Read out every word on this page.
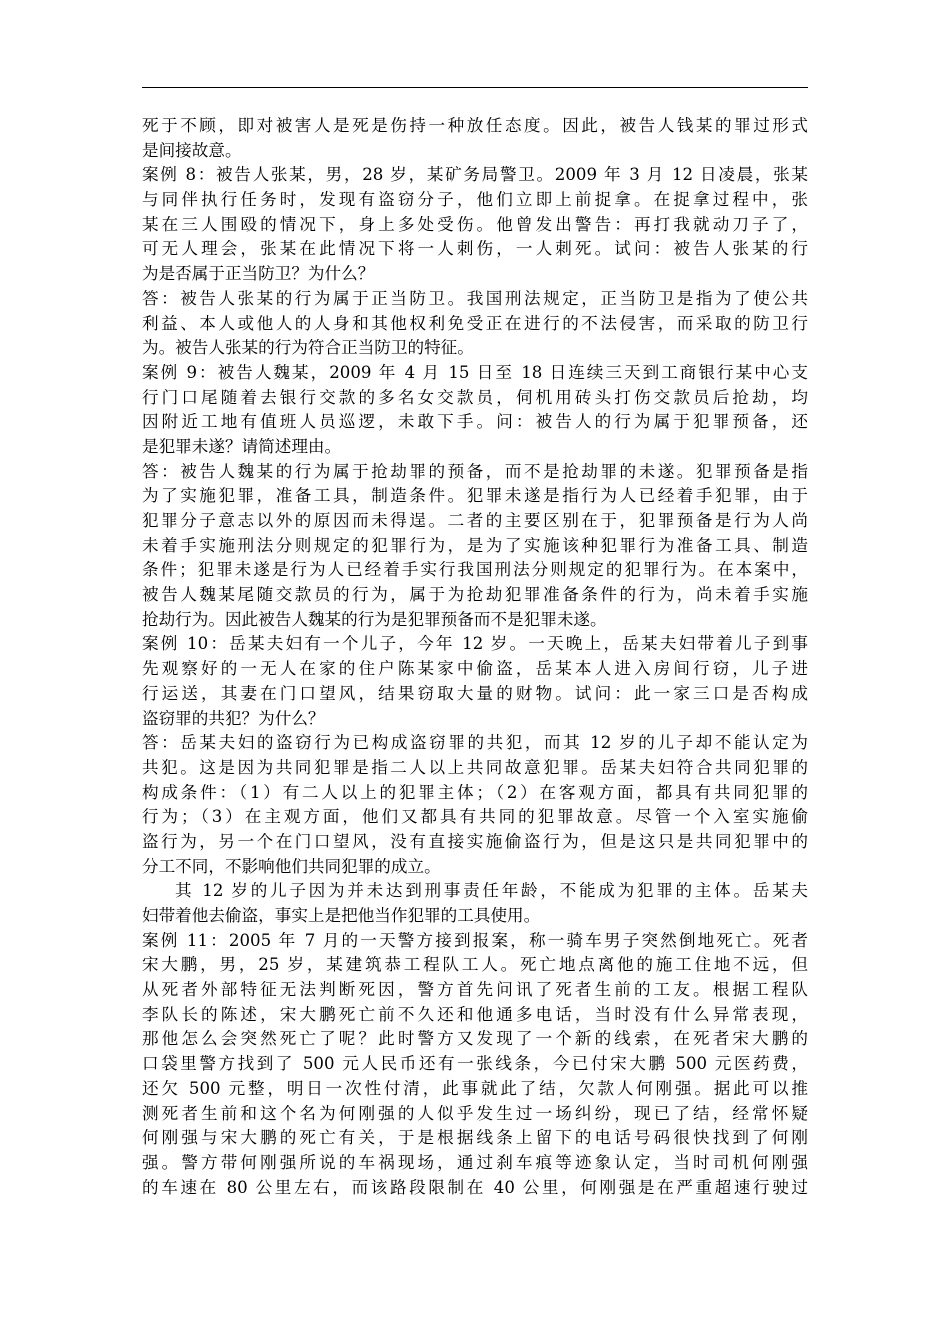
死于不顾，即对被害人是死是伤持一种放任态度。因此，被告人钱某的罪过形式
是间接故意。
案例 8：被告人张某，男，28 岁，某矿务局警卫。2009 年 3 月 12 日凌晨，张某
与同伴执行任务时，发现有盗窃分子，他们立即上前捉拿。在捉拿过程中，张
某在三人围殴的情况下，身上多处受伤。他曾发出警告：再打我就动刀子了，
可无人理会，张某在此情况下将一人刺伤，一人刺死。试问：被告人张某的行
为是否属于正当防卫？为什么？
答：被告人张某的行为属于正当防卫。我国刑法规定，正当防卫是指为了使公共
利益、本人或他人的人身和其他权利免受正在进行的不法侵害，而采取的防卫行
为。被告人张某的行为符合正当防卫的特征。
案例 9：被告人魏某，2009 年 4 月 15 日至 18 日连续三天到工商银行某中心支
行门口尾随着去银行交款的多名女交款员，伺机用砖头打伤交款员后抢劫，均
因附近工地有值班人员巡逻，未敢下手。问：被告人的行为属于犯罪预备，还
是犯罪未遂？请简述理由。
答：被告人魏某的行为属于抢劫罪的预备，而不是抢劫罪的未遂。犯罪预备是指
为了实施犯罪，准备工具，制造条件。犯罪未遂是指行为人已经着手犯罪，由于
犯罪分子意志以外的原因而未得逞。二者的主要区别在于，犯罪预备是行为人尚
未着手实施刑法分则规定的犯罪行为，是为了实施该种犯罪行为准备工具、制造
条件；犯罪未遂是行为人已经着手实行我国刑法分则规定的犯罪行为。在本案中，
被告人魏某尾随交款员的行为，属于为抢劫犯罪准备条件的行为，尚未着手实施
抢劫行为。因此被告人魏某的行为是犯罪预备而不是犯罪未遂。
案例 10：岳某夫妇有一个儿子，今年 12 岁。一天晚上，岳某夫妇带着儿子到事
先观察好的一无人在家的住户陈某家中偷盗，岳某本人进入房间行窃，儿子进
行运送，其妻在门口望风，结果窃取大量的财物。试问：此一家三口是否构成
盗窃罪的共犯？为什么？
答：岳某夫妇的盗窃行为已构成盗窃罪的共犯，而其 12 岁的儿子却不能认定为
共犯。这是因为共同犯罪是指二人以上共同故意犯罪。岳某夫妇符合共同犯罪的
构成条件：（1）有二人以上的犯罪主体；（2）在客观方面，都具有共同犯罪的
行为；（3）在主观方面，他们又都具有共同的犯罪故意。尽管一个入室实施偷
盗行为，另一个在门口望风，没有直接实施偷盗行为，但是这只是共同犯罪中的
分工不同，不影响他们共同犯罪的成立。
其 12 岁的儿子因为并未达到刑事责任年龄，不能成为犯罪的主体。岳某夫
妇带着他去偷盗，事实上是把他当作犯罪的工具使用。
案例 11：2005 年 7 月的一天警方接到报案，称一骑车男子突然倒地死亡。死者
宋大鹏，男，25 岁，某建筑恭工程队工人。死亡地点离他的施工住地不远，但
从死者外部特征无法判断死因，警方首先问讯了死者生前的工友。根据工程队
李队长的陈述，宋大鹏死亡前不久还和他通多电话，当时没有什么异常表现，
那他怎么会突然死亡了呢？此时警方又发现了一个新的线索，在死者宋大鹏的
口袋里警方找到了 500 元人民币还有一张线条，今已付宋大鹏 500 元医药费，
还欠 500 元整，明日一次性付清，此事就此了结，欠款人何刚强。据此可以推
测死者生前和这个名为何刚强的人似乎发生过一场纠纷，现已了结，经常怀疑
何刚强与宋大鹏的死亡有关，于是根据线条上留下的电话号码很快找到了何刚
强。警方带何刚强所说的车祸现场，通过刹车痕等迹象认定，当时司机何刚强
的车速在 80 公里左右，而该路段限制在 40 公里，何刚强是在严重超速行驶过
